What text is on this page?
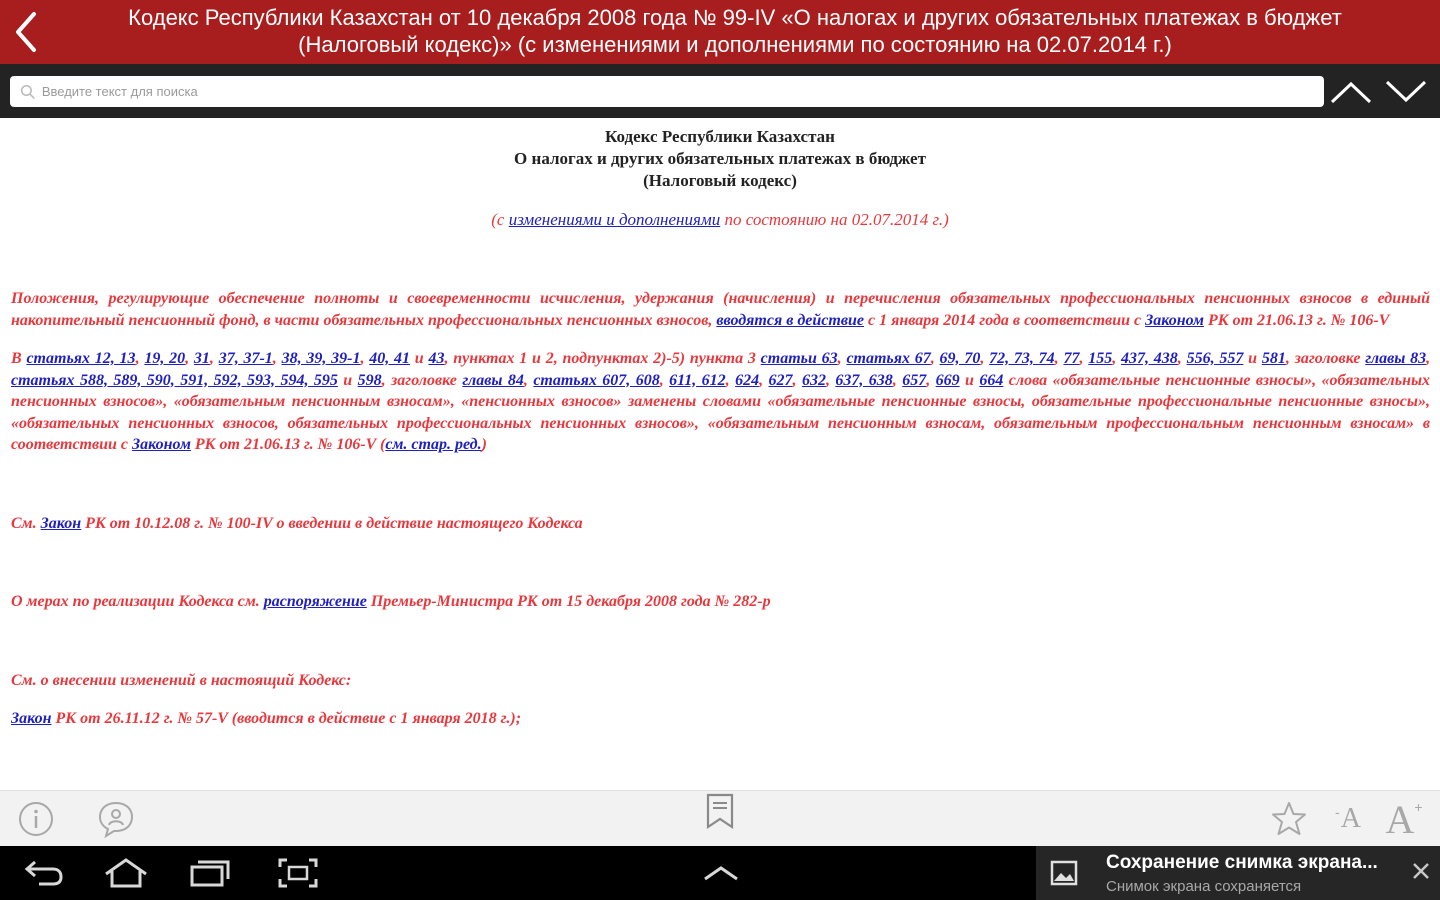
Кодекс Республики Казахстан от 10 декабря 2008 года № 99-IV «О налогах и других обязательных платежах в бюджет
(Налоговый кодекс)» (с изменениями и дополнениями по состоянию на 02.07.2014 г.)
Введите текст для поиска
Кодекс Республики Казахстан
О налогах и других обязательных платежах в бюджет
(Налоговый кодекс)
(с изменениями и дополнениями по состоянию на 02.07.2014 г.)

Положения, регулирующие обеспечение полноты и своевременности исчисления, удержания (начисления) и перечисления обязательных профессиональных пенсионных взносов в единый накопительный пенсионный фонд, в части обязательных профессиональных пенсионных взносов, вводятся в действие с 1 января 2014 года в соответствии с Законом РК от 21.06.13 г. № 106-V

В статьях 12, 13, 19, 20, 31, 37, 37-1, 38, 39, 39-1, 40, 41 и 43, пунктах 1 и 2, подпунктах 2)-5) пункта 3 статьи 63, статьях 67, 69, 70, 72, 73, 74, 77, 155, 437, 438, 556, 557 и 581, заголовке главы 83, статьях 588, 589, 590, 591, 592, 593, 594, 595 и 598, заголовке главы 84, статьях 607, 608, 611, 612, 624, 627, 632, 637, 638, 657, 669 и 664 слова «обязательные пенсионные взносы», «обязательных пенсионных взносов», «обязательным пенсионным взносам», «пенсионных взносов» заменены словами «обязательные пенсионные взносы, обязательные профессиональные пенсионные взносы», «обязательных пенсионных взносов, обязательных профессиональных пенсионных взносов», «обязательным пенсионным взносам, обязательным профессиональным пенсионным взносам» в соответствии с Законом РК от 21.06.13 г. № 106-V (см. стар. ред.)

См. Закон РК от 10.12.08 г. № 100-IV о введении в действие настоящего Кодекса

О мерах по реализации Кодекса см. распоряжение Премьер-Министра РК от 15 декабря 2008 года № 282-р

См. о внесении изменений в настоящий Кодекс:

Закон РК от 26.11.12 г. № 57-V (вводится в действие с 1 января 2018 г.);

- A A +
Сохранение снимка экрана...
Снимок экрана сохраняется
